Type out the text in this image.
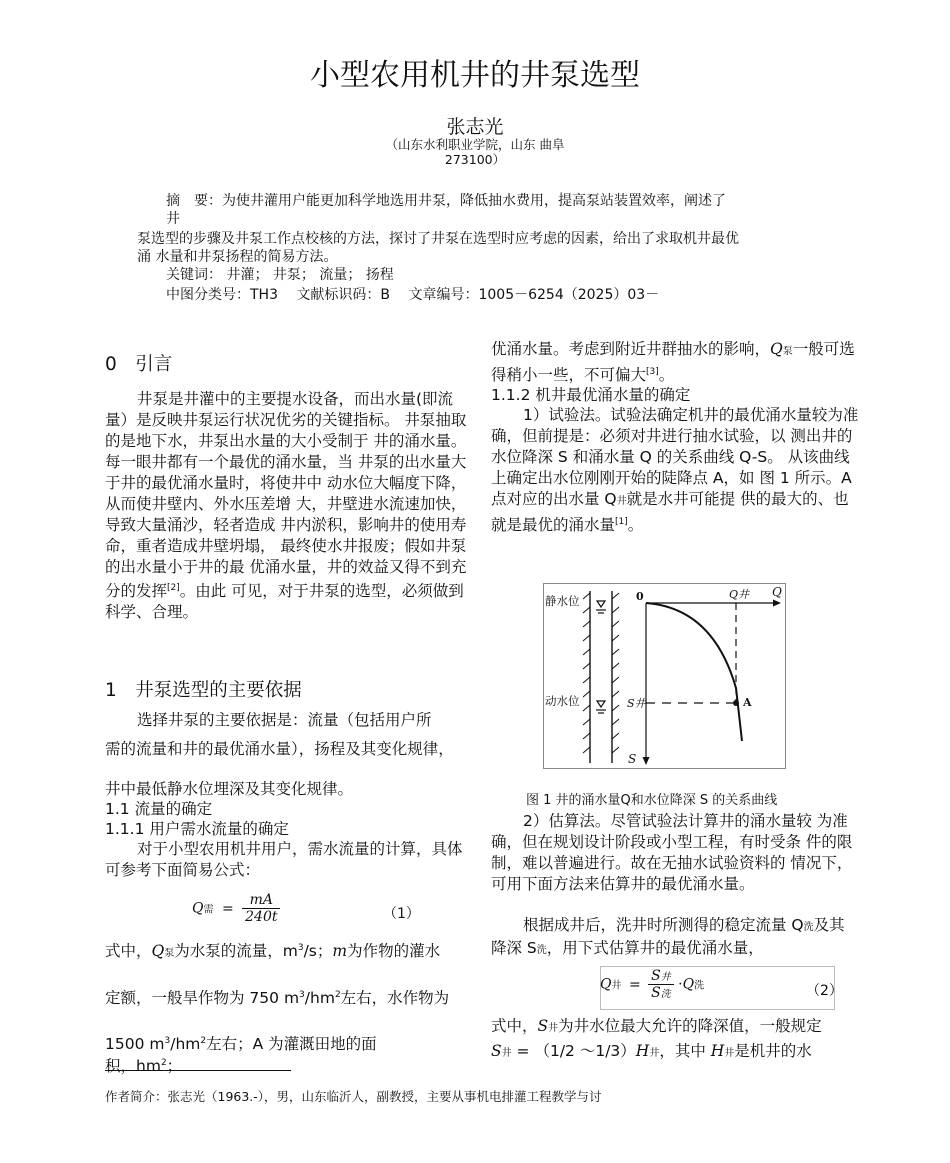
小型农用机井的井泵选型
张志光
（山东水利职业学院，山东 曲阜
273100）
摘　要：为使井灌用户能更加科学地选用井泵，降低抽水费用，提高泵站装置效率，阐述了
井
泵选型的步骤及井泵工作点校核的方法，探讨了井泵在选型时应考虑的因素，给出了求取机井最优
涌 水量和井泵扬程的简易方法。
关键词： 井灌； 井泵； 流量； 扬程
中图分类号：TH3　 文献标识码：B　 文章编号：1005－6254（2025）03－
0　引言

井泵是井灌中的主要提水设备，而出水量(即流量）是反映井泵运行状况优劣的关键指标。 井泵抽取的是地下水，井泵出水量的大小受制于 井的涌水量。每一眼井都有一个最优的涌水量，当 井泵的出水量大于井的最优涌水量时，将使井中 动水位大幅度下降，从而使井壁内、外水压差增 大，井壁进水流速加快，导致大量涌沙，轻者造成 井内淤积，影响井的使用寿命，重者造成井壁坍塌， 最终使水井报废；假如井泵的出水量小于井的最 优涌水量，井的效益又得不到充分的发挥[2]。由此 可见，对于井泵的选型，必须做到科学、合理。

1　井泵选型的主要依据
选择井泵的主要依据是：流量（包括用户所
需的流量和井的最优涌水量），扬程及其变化规律，
井中最低静水位埋深及其变化规律。
1.1 流量的确定
1.1.1 用户需水流量的确定
对于小型农用机井用户，需水流量的计算，具体可参考下面简易公式：
Q需 = $\frac{mA}{240t}$	（1）
式中，Q泵为水泵的流量，$m^3/s$；m为作物的灌水
定额，一般旱作物为 750 $m^3/hm^2$左右，水作物为
1500 $m^3/hm^2$左右；A 为灌溉田地的面
积，$hm^2$；
作者简介：张志光（1963.-），男，山东临沂人，副教授，主要从事机电排灌工程教学与讨
优涌水量。考虑到附近井群抽水的影响，Q泵一般可选得稍小一些，不可偏大[3]。
1.1.2 机井最优涌水量的确定
1）试验法。试验法确定机井的最优涌水量较为准确，但前提是：必须对井进行抽水试验，以 测出井的水位降深 S 和涌水量 Q 的关系曲线 Q-S。 从该曲线上确定出水位刚刚开始的陡降点 A，如 图 1 所示。A 点对应的出水量 Q井就是水井可能提 供的最大的、也就是最优的涌水量[1]。
静水位
动水位
0	Q井 Q
S井	A
S
图 1 井的涌水量Q和水位降深 S 的关系曲线
2）估算法。尽管试验法计算井的涌水量较 为准确，但在规划设计阶段或小型工程，有时受条 件的限制，难以普遍进行。故在无抽水试验资料的 情况下，可用下面方法来估算井的最优涌水量。
根据成井后，洗井时所测得的稳定流量 Q洗及其降深 S洗，用下式估算井的最优涌水量，
Q井 = $\frac{\text{S井}}{\text{S洗}} \cdot Q$洗	（2）
式中，S井为井水位最大允许的降深值，一般规定
S井 = （1/2 ～1/3）H井，其中 H井是机井的水
